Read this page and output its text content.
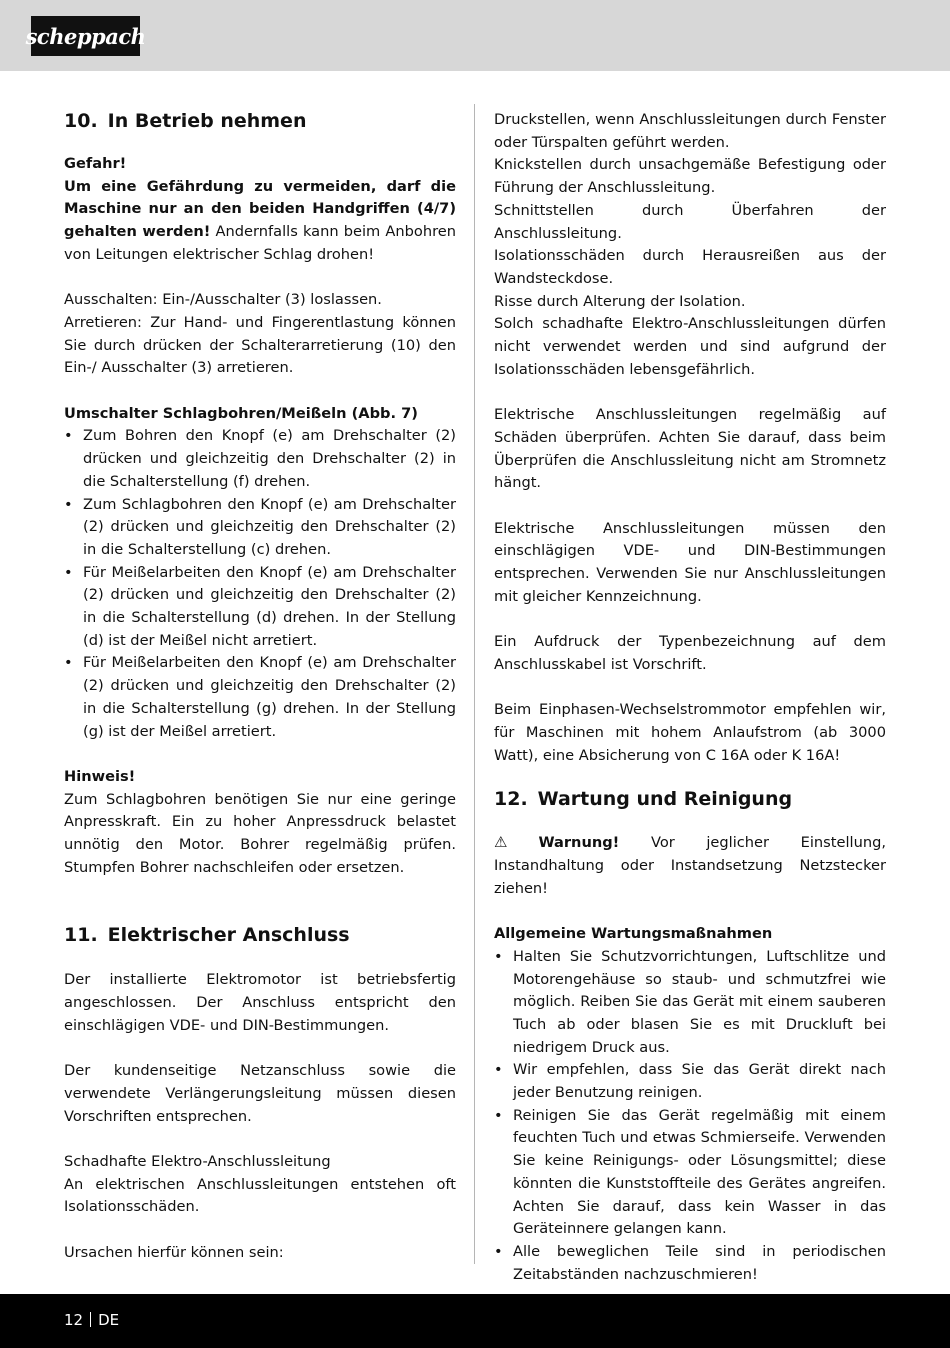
scheppach
10. In Betrieb nehmen

Gefahr!

Um eine Gefährdung zu vermeiden, darf die Maschine nur an den beiden Handgriffen (4/7) gehalten werden! Andernfalls kann beim Anbohren von Leitungen elektrischer Schlag drohen!

Ausschalten: Ein-/Ausschalter (3) loslassen.

Arretieren: Zur Hand- und Fingerentlastung können Sie durch drücken der Schalterarretierung (10) den Ein-/ Ausschalter (3) arretieren.

Umschalter Schlagbohren/Meißeln (Abb. 7)

• Zum Bohren den Knopf (e) am Drehschalter (2) drücken und gleichzeitig den Drehschalter (2) in die Schalterstellung (f) drehen.
• Zum Schlagbohren den Knopf (e) am Drehschalter (2) drücken und gleichzeitig den Drehschalter (2) in die Schalterstellung (c) drehen.
• Für Meißelarbeiten den Knopf (e) am Drehschalter (2) drücken und gleichzeitig den Drehschalter (2) in die Schalterstellung (d) drehen. In der Stellung (d) ist der Meißel nicht arretiert.
• Für Meißelarbeiten den Knopf (e) am Drehschalter (2) drücken und gleichzeitig den Drehschalter (2) in die Schalterstellung (g) drehen. In der Stellung (g) ist der Meißel arretiert.

Hinweis!

Zum Schlagbohren benötigen Sie nur eine geringe Anpresskraft. Ein zu hoher Anpressdruck belastet unnötig den Motor. Bohrer regelmäßig prüfen. Stumpfen Bohrer nachschleifen oder ersetzen.

11. Elektrischer Anschluss

Der installierte Elektromotor ist betriebsfertig angeschlossen. Der Anschluss entspricht den einschlägigen VDE- und DIN-Bestimmungen.

Der kundenseitige Netzanschluss sowie die verwendete Verlängerungsleitung müssen diesen Vorschriften entsprechen.

Schadhafte Elektro-Anschlussleitung

An elektrischen Anschlussleitungen entstehen oft Isolationsschäden.

Ursachen hierfür können sein:

Druckstellen, wenn Anschlussleitungen durch Fenster oder Türspalten geführt werden.

Knickstellen durch unsachgemäße Befestigung oder Führung der Anschlussleitung.

Schnittstellen durch Überfahren der Anschlussleitung.

Isolationsschäden durch Herausreißen aus der Wandsteckdose.

Risse durch Alterung der Isolation.

Solch schadhafte Elektro-Anschlussleitungen dürfen nicht verwendet werden und sind aufgrund der Isolationsschäden lebensgefährlich.

Elektrische Anschlussleitungen regelmäßig auf Schäden überprüfen. Achten Sie darauf, dass beim Überprüfen die Anschlussleitung nicht am Stromnetz hängt.

Elektrische Anschlussleitungen müssen den einschlägigen VDE- und DIN-Bestimmungen entsprechen. Verwenden Sie nur Anschlussleitungen mit gleicher Kennzeichnung.

Ein Aufdruck der Typenbezeichnung auf dem Anschlusskabel ist Vorschrift.

Beim Einphasen-Wechselstrommotor empfehlen wir, für Maschinen mit hohem Anlaufstrom (ab 3000 Watt), eine Absicherung von C 16A oder K 16A!

12. Wartung und Reinigung

⚠ Warnung! Vor jeglicher Einstellung, Instandhaltung oder Instandsetzung Netzstecker ziehen!

Allgemeine Wartungsmaßnahmen

• Halten Sie Schutzvorrichtungen, Luftschlitze und Motorengehäuse so staub- und schmutzfrei wie möglich. Reiben Sie das Gerät mit einem sauberen Tuch ab oder blasen Sie es mit Druckluft bei niedrigem Druck aus.
• Wir empfehlen, dass Sie das Gerät direkt nach jeder Benutzung reinigen.
• Reinigen Sie das Gerät regelmäßig mit einem feuchten Tuch und etwas Schmierseife. Verwenden Sie keine Reinigungs- oder Lösungsmittel; diese könnten die Kunststoffteile des Gerätes angreifen. Achten Sie darauf, dass kein Wasser in das Geräteinnere gelangen kann.
• Alle beweglichen Teile sind in periodischen Zeitabständen nachzuschmieren!
12 DE
